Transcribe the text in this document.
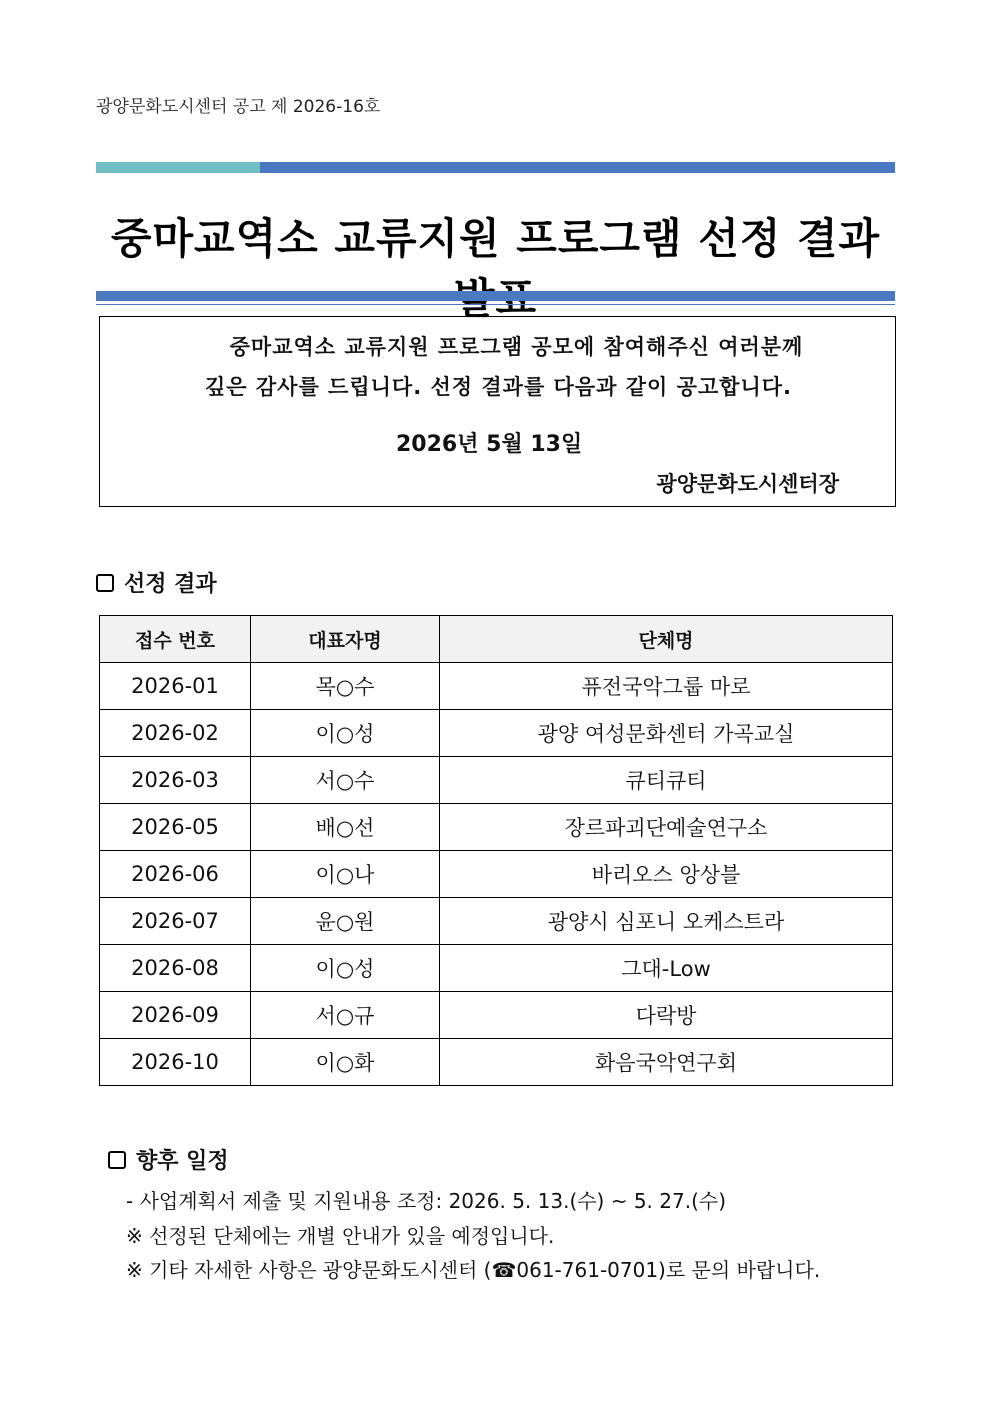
광양문화도시센터 공고 제 2026-16호
중마교역소 교류지원 프로그램 선정 결과
중마교역소 교류지원 프로그램 공모에 참여해주신 여러분께
깊은 감사를 드립니다. 선정 결과를 다음과 같이 공고합니다.
2026년 5월 13일
광양문화도시센터장
선정 결과
접수 번호	대표자명	단체명
2026-01	목○수	퓨전국악그룹 마로
2026-02	이○성	광양 여성문화센터 가곡교실
2026-03	서○수	큐티큐티
2026-05	배○선	장르파괴단예술연구소
2026-06	이○나	바리오스 앙상블
2026-07	윤○원	광양시 심포니 오케스트라
2026-08	이○성	그대-Low
2026-09	서○규	다락방
2026-10	이○화	화음국악연구회
향후 일정
- 사업계획서 제출 및 지원내용 조정: 2026. 5. 13.(수) ~ 5. 27.(수)
※ 선정된 단체에는 개별 안내가 있을 예정입니다.
※ 기타 자세한 사항은 광양문화도시센터 (☎061-761-0701)로 문의 바랍니다.
